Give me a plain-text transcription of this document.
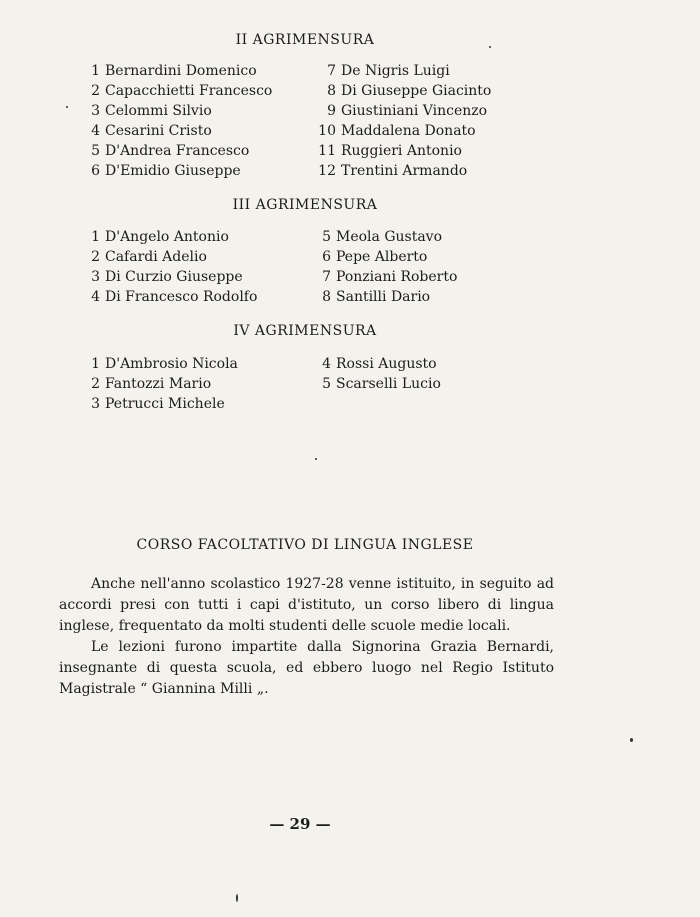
II AGRIMENSURA
1 Bernardini Domenico
2 Capacchietti Francesco
3 Celommi Silvio
4 Cesarini Cristo
5 D'Andrea Francesco
6 D'Emidio Giuseppe
7 De Nigris Luigi
8 Di Giuseppe Giacinto
9 Giustiniani Vincenzo
10 Maddalena Donato
11 Ruggieri Antonio
12 Trentini Armando
III AGRIMENSURA
1 D'Angelo Antonio
2 Cafardi Adelio
3 Di Curzio Giuseppe
4 Di Francesco Rodolfo
5 Meola Gustavo
6 Pepe Alberto
7 Ponziani Roberto
8 Santilli Dario
IV AGRIMENSURA
1 D'Ambrosio Nicola
2 Fantozzi Mario
3 Petrucci Michele
4 Rossi Augusto
5 Scarselli Lucio
CORSO FACOLTATIVO DI LINGUA INGLESE
Anche nell'anno scolastico 1927-28 venne istituito, in seguito ad accordi presi con tutti i capi d'istituto, un corso libero di lingua inglese, frequentato da molti studenti delle scuole medie locali.
Le lezioni furono impartite dalla Signorina Grazia Bernardi, insegnante di questa scuola, ed ebbero luogo nel Regio Istituto Magistrale “ Giannina Milli „.
— 29 —
